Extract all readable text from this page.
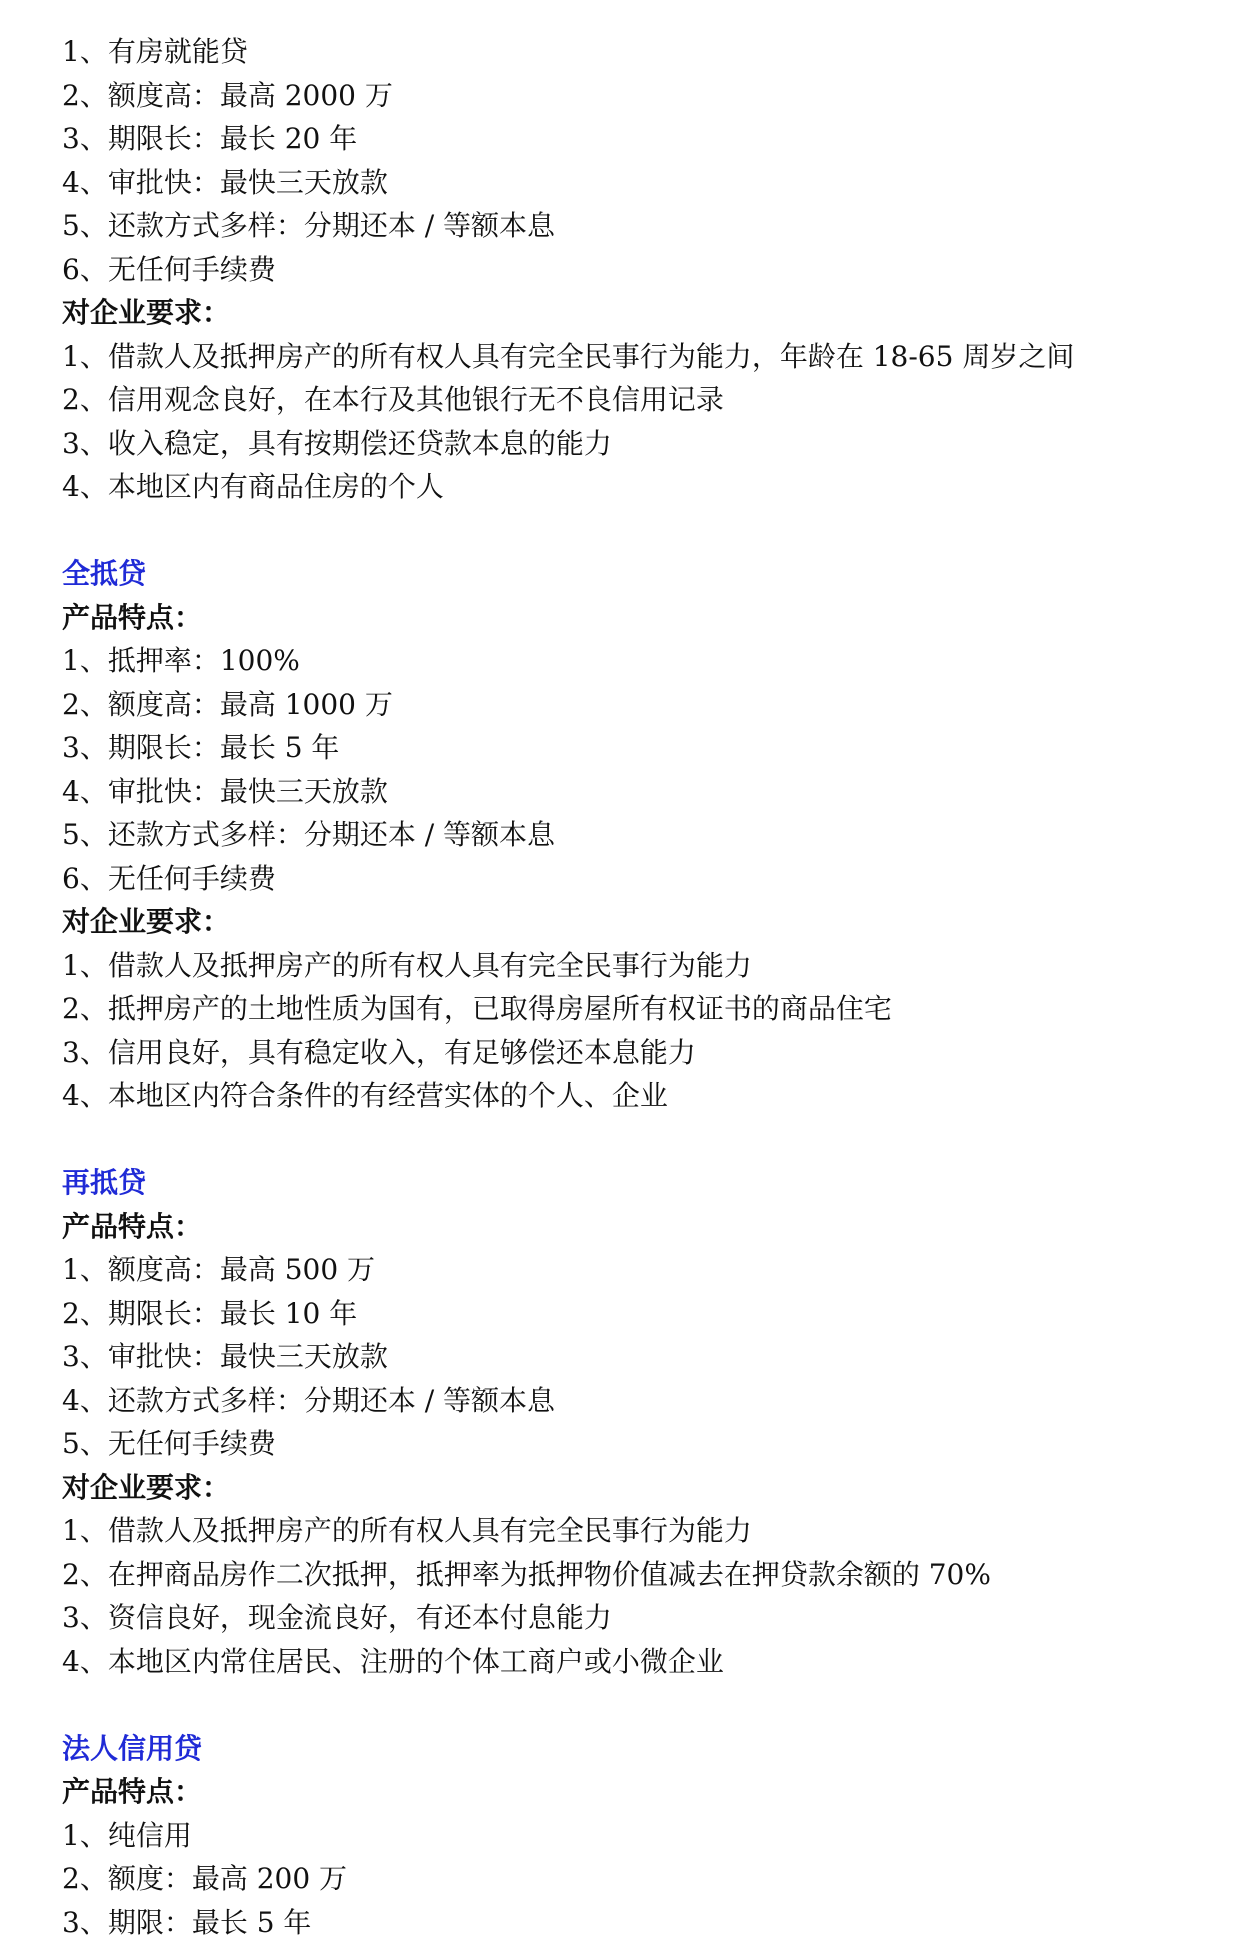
1、有房就能贷
2、额度高：最高 2000 万
3、期限长：最长 20 年
4、审批快：最快三天放款
5、还款方式多样：分期还本 / 等额本息
6、无任何手续费
对企业要求：
1、借款人及抵押房产的所有权人具有完全民事行为能力，年龄在 18-65 周岁之间
2、信用观念良好，在本行及其他银行无不良信用记录
3、收入稳定，具有按期偿还贷款本息的能力
4、本地区内有商品住房的个人
全抵贷
产品特点：
1、抵押率：100%
2、额度高：最高 1000 万
3、期限长：最长 5 年
4、审批快：最快三天放款
5、还款方式多样：分期还本 / 等额本息
6、无任何手续费
对企业要求：
1、借款人及抵押房产的所有权人具有完全民事行为能力
2、抵押房产的土地性质为国有，已取得房屋所有权证书的商品住宅
3、信用良好，具有稳定收入，有足够偿还本息能力
4、本地区内符合条件的有经营实体的个人、企业
再抵贷
产品特点：
1、额度高：最高 500 万
2、期限长：最长 10 年
3、审批快：最快三天放款
4、还款方式多样：分期还本 / 等额本息
5、无任何手续费
对企业要求：
1、借款人及抵押房产的所有权人具有完全民事行为能力
2、在押商品房作二次抵押，抵押率为抵押物价值减去在押贷款余额的 70%
3、资信良好，现金流良好，有还本付息能力
4、本地区内常住居民、注册的个体工商户或小微企业
法人信用贷
产品特点：
1、纯信用
2、额度：最高 200 万
3、期限：最长 5 年
